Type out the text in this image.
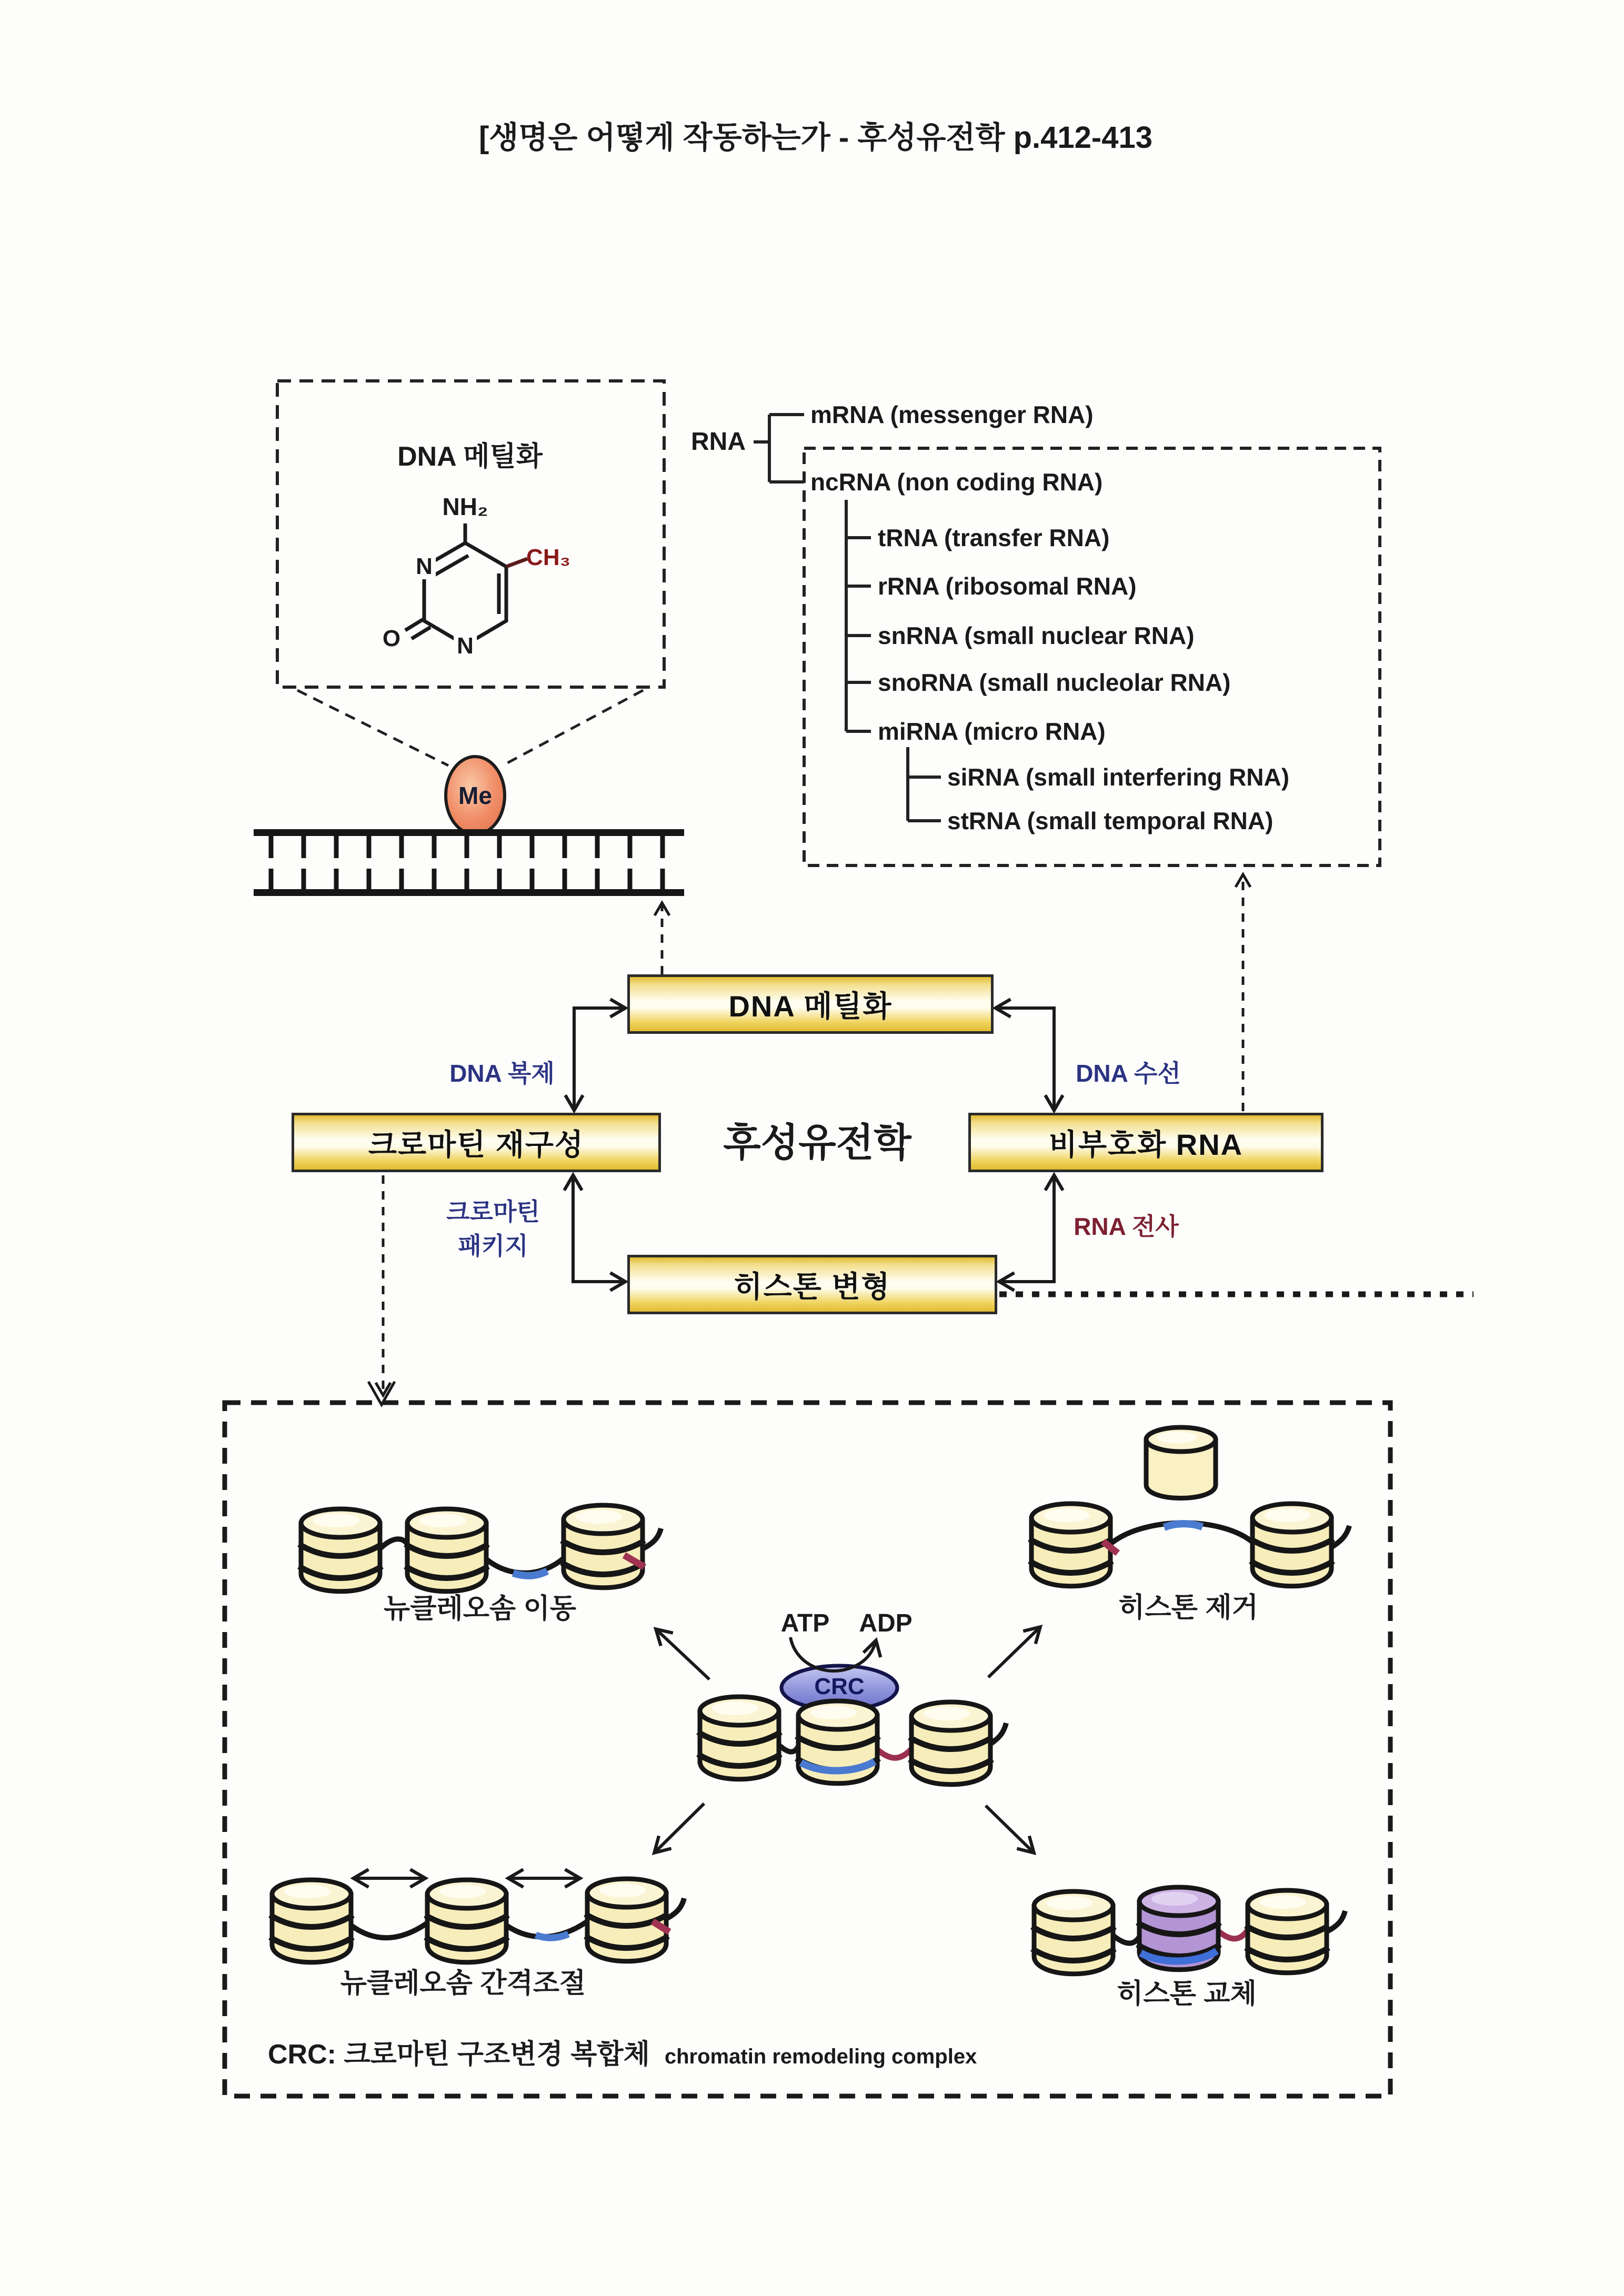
[생명은 어떻게 작동하는가 - 후성유전학 p.412-413
DNA 메틸화
NH₂
N
N
O
CH₃
Me
RNA
mRNA (messenger RNA)
ncRNA (non coding RNA)
tRNA (transfer RNA)
rRNA (ribosomal RNA)
snRNA (small nuclear RNA)
snoRNA (small nucleolar RNA)
miRNA (micro RNA)
siRNA (small interfering RNA)
stRNA (small temporal RNA)
DNA 메틸화
크로마틴 재구성	비부호화 RNA
히스톤 변형
후성유전학
DNA 복제	DNA 수선
크로마틴
패키지
RNA 전사
ATP ADP
CRC
뉴클레오솜 이동	히스톤 제거
뉴클레오솜 간격조절	히스톤 교체
CRC: 크로마틴 구조변경 복합체 chromatin remodeling complex
